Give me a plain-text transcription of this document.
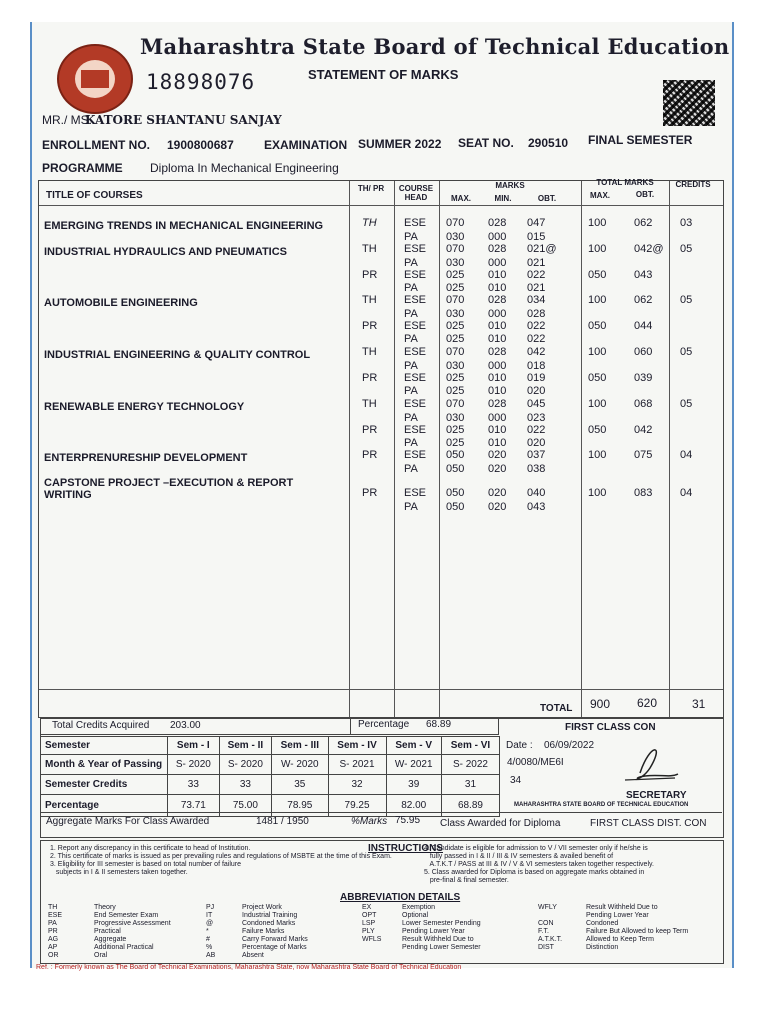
Maharashtra State Board of Technical Education
18898076	STATEMENT OF MARKS
MR./ MS.
KATORE SHANTANU SANJAY
ENROLLMENT NO. 1900800687	EXAMINATION SUMMER 2022 SEAT NO. 290510 FINAL SEMESTER
PROGRAMME Diploma In Mechanical Engineering
TITLE OF COURSES
TH/ PR	COURSE HEAD
MARKS
MAX.	MIN.	OBT.
TOTAL MARKS
MAX.	OBT.
CREDITS
EMERGING TRENDS IN MECHANICAL ENGINEERING	TH ESE 070 028 047	100	062	03
PA	030 000 015
INDUSTRIAL HYDRAULICS AND PNEUMATICS	TH ESE 070 028 021@	100	042@ 05
PA	030 000 021
PR ESE 025 010 022	050	043
PA	025 010 021
AUTOMOBILE ENGINEERING	TH ESE 070 028 034	100	062	05
PA	030 000 028
PR ESE 025 010 022	050	044
PA	025 010 022
INDUSTRIAL ENGINEERING & QUALITY CONTROL	TH ESE 070 028 042	100	060	05
PA	030 000 018
PR ESE 025 010 019	050	039
PA	025 010 020
RENEWABLE ENERGY TECHNOLOGY	TH ESE 070 028 045	100	068	05
PA	030 000 023
PR ESE 025 010 022	050	042
PA	025 010 020
ENTERPRENURESHIP DEVELOPMENT	PR ESE 050 020 037	100	075	04
PA	050 020 038
CAPSTONE PROJECT –EXECUTION & REPORT WRITING	PR ESE 050 020 040	100	083	04
PA	050 020 043
TOTAL 900 620	31
Total Credits Acquired 203.00	Percentage 68.89	FIRST CLASS CON
Semester	Sem - I	Sem - II	Sem - III	Sem - IV	Sem - V	Sem - VI
Month & Year of Passing	S- 2020	S- 2020	W- 2020	S- 2021	W- 2021	S- 2022
Semester Credits	33	33	35	32	39	31
Percentage	73.71	75.00	78.95	79.25	82.00	68.89
Date : 06/09/2022
4/0080/ME6I
34
SECRETARY
MAHARASHTRA STATE BOARD OF TECHNICAL EDUCATION
Aggregate Marks For Class Awarded	1481 / 1950	%Marks 75.95 Class Awarded for Diploma	FIRST CLASS DIST. CON
INSTRUCTIONS
1. Report any discrepancy in this certificate to head of Institution.
2. This certificate of marks is issued as per prevailing rules and regulations of MSBTE at the time of this Exam.
3. Eligibility for III semester is based on total number of failure
subjects in I & II semesters taken together.
4. Candidate is eligible for admission to V / VII semester only if he/she is
fully passed in I & II / III & IV semesters & availed benefit of
A.T.K.T / PASS at III & IV / V & VI semesters taken together respectively.
5. Class awarded for Diploma is based on aggregate marks obtained in
pre-final & final semester.
ABBREVIATION DETAILS
TH	Theory
ESE	End Semester Exam
PA	Progressive Assessment
PR	Practical
AG	Aggregate
AP	Additional Practical
OR	Oral
PJ	Project Work
IT	Industrial Training
@	Condoned Marks
*	Failure Marks
#	Carry Forward Marks
%	Percentage of Marks
AB	Absent
EX	Exemption
OPT	Optional
LSP	Lower Semester Pending
PLY	Pending Lower Year
WFLS	Result Withheld Due to
Pending Lower Semester
WFLY	Result Withheld Due to
Pending Lower Year
CON	Condoned
F.T.	Failure But Allowed to keep Term
A.T.K.T.	Allowed to Keep Term
DIST	Distinction
Ref. : Formerly known as The Board of Technical Examinations, Maharashtra State, now Maharashtra State Board of Technical Education
